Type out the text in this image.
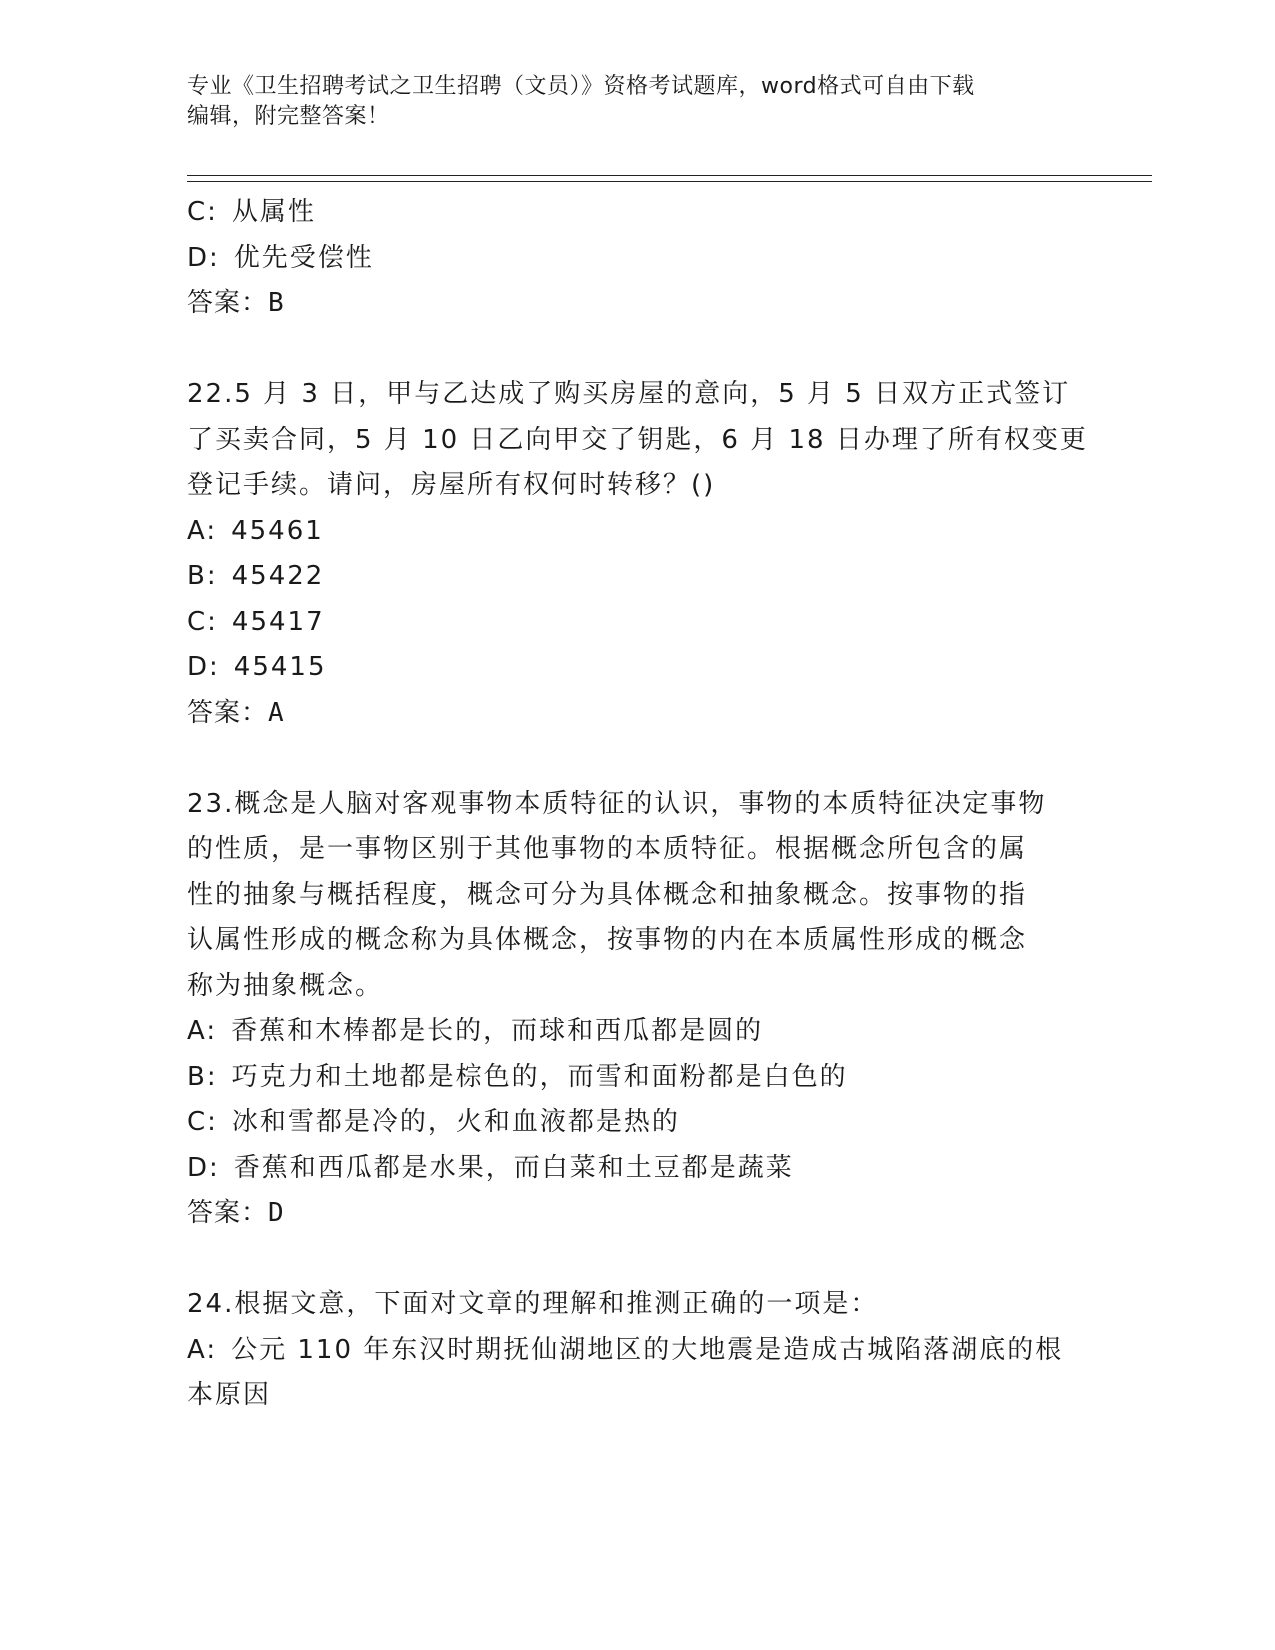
专业《卫生招聘考试之卫生招聘（文员）》资格考试题库，word格式可自由下载
编辑，附完整答案！
C: 从属性
D: 优先受偿性
答案：B
22.5 月 3 日，甲与乙达成了购买房屋的意向，5 月 5 日双方正式签订
了买卖合同，5 月 10 日乙向甲交了钥匙，6 月 18 日办理了所有权变更
登记手续。请问，房屋所有权何时转移？()
A: 45461
B: 45422
C: 45417
D: 45415
答案：A
23.概念是人脑对客观事物本质特征的认识，事物的本质特征决定事物
的性质，是一事物区别于其他事物的本质特征。根据概念所包含的属
性的抽象与概括程度，概念可分为具体概念和抽象概念。按事物的指
认属性形成的概念称为具体概念，按事物的内在本质属性形成的概念
称为抽象概念。
A: 香蕉和木棒都是长的，而球和西瓜都是圆的
B: 巧克力和土地都是棕色的，而雪和面粉都是白色的
C: 冰和雪都是冷的，火和血液都是热的
D: 香蕉和西瓜都是水果，而白菜和土豆都是蔬菜
答案：D
24.根据文意，下面对文章的理解和推测正确的一项是：
A: 公元 110 年东汉时期抚仙湖地区的大地震是造成古城陷落湖底的根
本原因
